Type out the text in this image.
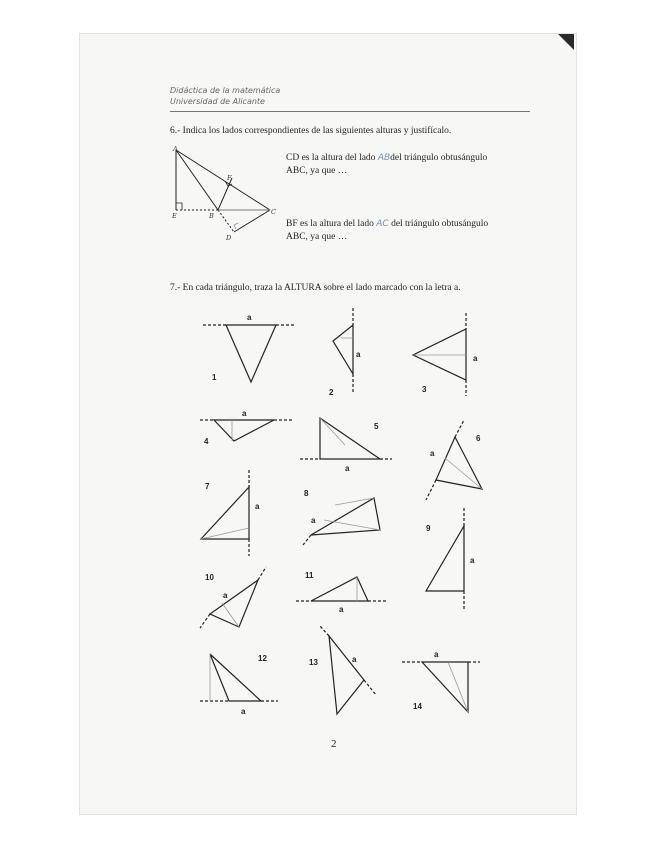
Didáctica de la matemática
Universidad de Alicante
6.- Indica los lados correspondientes de las siguientes alturas y justifícalo.
CD es la altura del lado ABdel triángulo obtusángulo
ABC, ya que …
BF es la altura del lado AC del triángulo obtusángulo
ABC, ya que …
7.- En cada triángulo, traza la ALTURA sobre el lado marcado con la letra a.
A
E	B	C
F
D
a
a	a
a
a
a
a
a
a
a
a
a
a
a
1
2	3
4
5
6
7
8
9
10	11
12	13
14
2
